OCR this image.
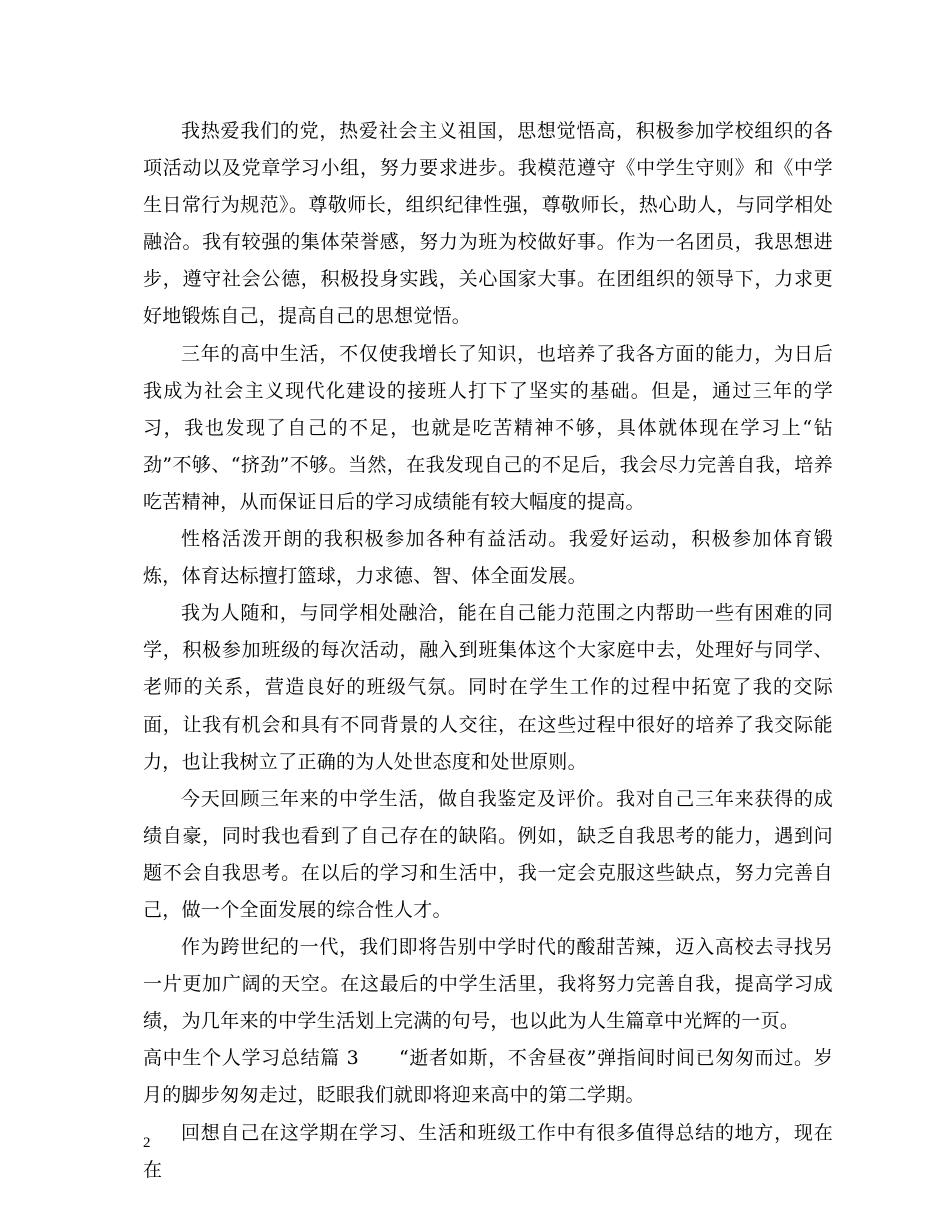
我热爱我们的党，热爱社会主义祖国，思想觉悟高，积极参加学校组织的各项活动以及党章学习小组，努力要求进步。我模范遵守《中学生守则》和《中学生日常行为规范》。尊敬师长，组织纪律性强，尊敬师长，热心助人，与同学相处融洽。我有较强的集体荣誉感，努力为班为校做好事。作为一名团员，我思想进步，遵守社会公德，积极投身实践，关心国家大事。在团组织的领导下，力求更好地锻炼自己，提高自己的思想觉悟。

三年的高中生活，不仅使我增长了知识，也培养了我各方面的能力，为日后我成为社会主义现代化建设的接班人打下了坚实的基础。但是，通过三年的学习，我也发现了自己的不足，也就是吃苦精神不够，具体就体现在学习上“钻劲”不够、“挤劲”不够。当然，在我发现自己的不足后，我会尽力完善自我，培养吃苦精神，从而保证日后的学习成绩能有较大幅度的提高。

性格活泼开朗的我积极参加各种有益活动。我爱好运动，积极参加体育锻炼，体育达标擅打篮球，力求德、智、体全面发展。

我为人随和，与同学相处融洽，能在自己能力范围之内帮助一些有困难的同学，积极参加班级的每次活动，融入到班集体这个大家庭中去，处理好与同学、老师的关系，营造良好的班级气氛。同时在学生工作的过程中拓宽了我的交际面，让我有机会和具有不同背景的人交往，在这些过程中很好的培养了我交际能力，也让我树立了正确的为人处世态度和处世原则。

今天回顾三年来的中学生活，做自我鉴定及评价。我对自己三年来获得的成绩自豪，同时我也看到了自己存在的缺陷。例如，缺乏自我思考的能力，遇到问题不会自我思考。在以后的学习和生活中，我一定会克服这些缺点，努力完善自己，做一个全面发展的综合性人才。

作为跨世纪的一代，我们即将告别中学时代的酸甜苦辣，迈入高校去寻找另一片更加广阔的天空。在这最后的中学生活里，我将努力完善自我，提高学习成绩，为几年来的中学生活划上完满的句号，也以此为人生篇章中光辉的一页。

高中生个人学习总结篇 3 “逝者如斯，不舍昼夜”弹指间时间已匆匆而过。岁月的脚步匆匆走过，眨眼我们就即将迎来高中的第二学期。

回想自己在这学期在学习、生活和班级工作中有很多值得总结的地方，现在在

2
